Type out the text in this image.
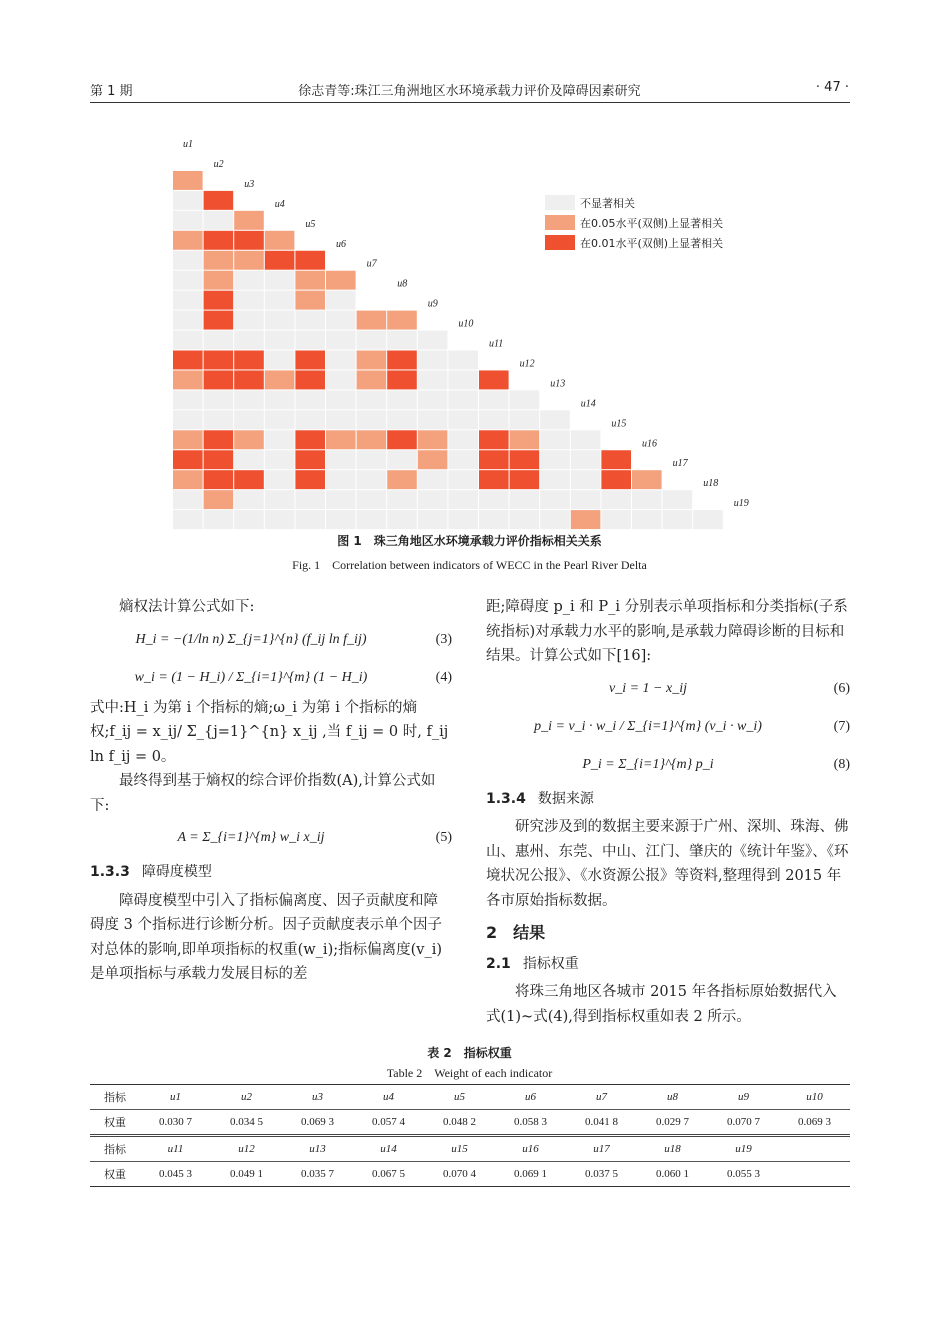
第 1 期	徐志青等:珠江三角洲地区水环境承载力评价及障碍因素研究	· 47 ·
u1
u2
u3
u4
u5
u6
u7
u8
u9
u10
u11
u12
u13
u14
u15
u16
u17
u18
u19
不显著相关
在0.05水平(双侧)上显著相关
在0.01水平(双侧)上显著相关
图 1　珠三角地区水环境承载力评价指标相关关系
Fig. 1　Correlation between indicators of WECC in the Pearl River Delta

熵权法计算公式如下:

H_i = −(1/ln n) Σ_{j=1}^{n} (f_ij ln f_ij)	(3)
w_i = (1 − H_i) / Σ_{i=1}^{m} (1 − H_i)	(4)

式中:H_i 为第 i 个指标的熵;ω_i 为第 i 个指标的熵权;f_ij = x_ij/ Σ_{j=1}^{n} x_ij ,当 f_ij = 0 时, f_ij ln f_ij = 0。

最终得到基于熵权的综合评价指数(A),计算公式如下:

A = Σ_{i=1}^{m} w_i x_ij	(5)
1.3.3 障碍度模型

障碍度模型中引入了指标偏离度、因子贡献度和障碍度 3 个指标进行诊断分析。因子贡献度表示单个因子对总体的影响,即单项指标的权重(w_i);指标偏离度(v_i)是单项指标与承载力发展目标的差

距;障碍度 p_i 和 P_i 分别表示单项指标和分类指标(子系统指标)对承载力水平的影响,是承载力障碍诊断的目标和结果。计算公式如下[16]:

v_i = 1 − x_ij	(6)
p_i = v_i · w_i / Σ_{i=1}^{m} (v_i · w_i)	(7)
P_i = Σ_{i=1}^{m} p_i	(8)
1.3.4 数据来源

研究涉及到的数据主要来源于广州、深圳、珠海、佛山、惠州、东莞、中山、江门、肇庆的《统计年鉴》、《环境状况公报》、《水资源公报》等资料,整理得到 2015 年各市原始指标数据。

2　结果
2.1 指标权重

将珠三角地区各城市 2015 年各指标原始数据代入式(1)~式(4),得到指标权重如表 2 所示。

表 2　指标权重
Table 2　Weight of each indicator
指标	u1	u2	u3	u4	u5	u6	u7	u8	u9	u10
权重	0.030 7	0.034 5	0.069 3	0.057 4	0.048 2	0.058 3	0.041 8	0.029 7	0.070 7	0.069 3
指标	u11	u12	u13	u14	u15	u16	u17	u18	u19	
权重	0.045 3	0.049 1	0.035 7	0.067 5	0.070 4	0.069 1	0.037 5	0.060 1	0.055 3	
